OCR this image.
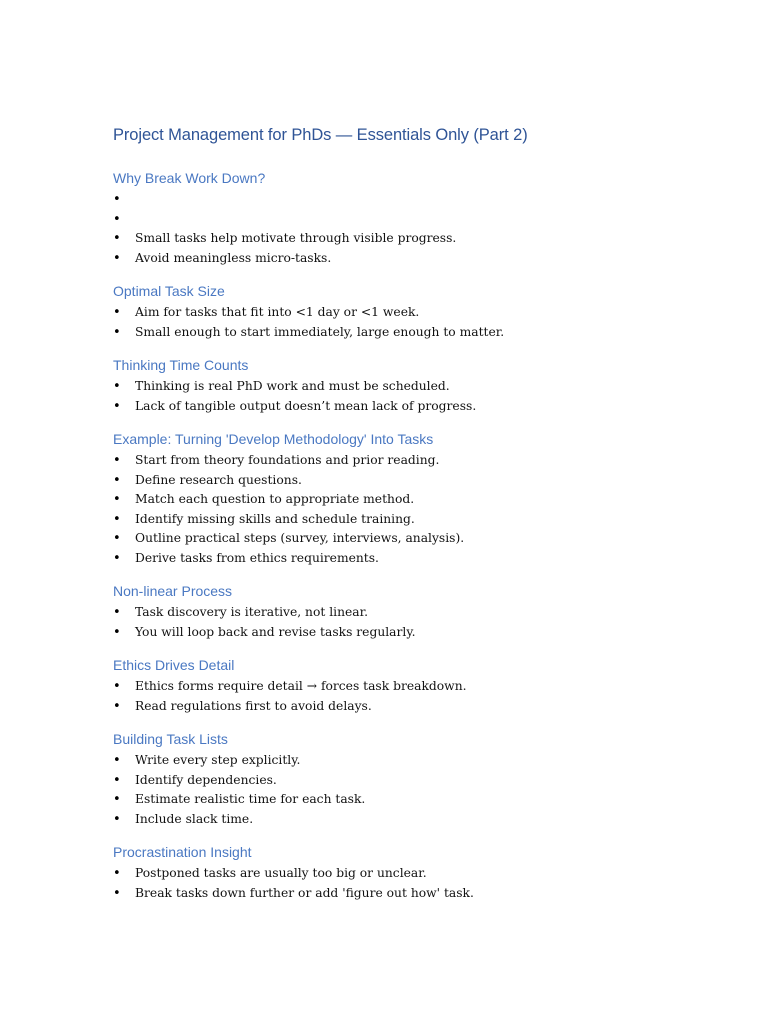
Project Management for PhDs — Essentials Only (Part 2)
Why Break Work Down?
•
•
• Small tasks help motivate through visible progress.
• Avoid meaningless micro-tasks.
Optimal Task Size
• Aim for tasks that fit into <1 day or <1 week.
• Small enough to start immediately, large enough to matter.
Thinking Time Counts
• Thinking is real PhD work and must be scheduled.
• Lack of tangible output doesn’t mean lack of progress.
Example: Turning 'Develop Methodology' Into Tasks
• Start from theory foundations and prior reading.
• Define research questions.
• Match each question to appropriate method.
• Identify missing skills and schedule training.
• Outline practical steps (survey, interviews, analysis).
• Derive tasks from ethics requirements.
Non-linear Process
• Task discovery is iterative, not linear.
• You will loop back and revise tasks regularly.
Ethics Drives Detail
• Ethics forms require detail → forces task breakdown.
• Read regulations first to avoid delays.
Building Task Lists
• Write every step explicitly.
• Identify dependencies.
• Estimate realistic time for each task.
• Include slack time.
Procrastination Insight
• Postponed tasks are usually too big or unclear.
• Break tasks down further or add 'figure out how' task.
